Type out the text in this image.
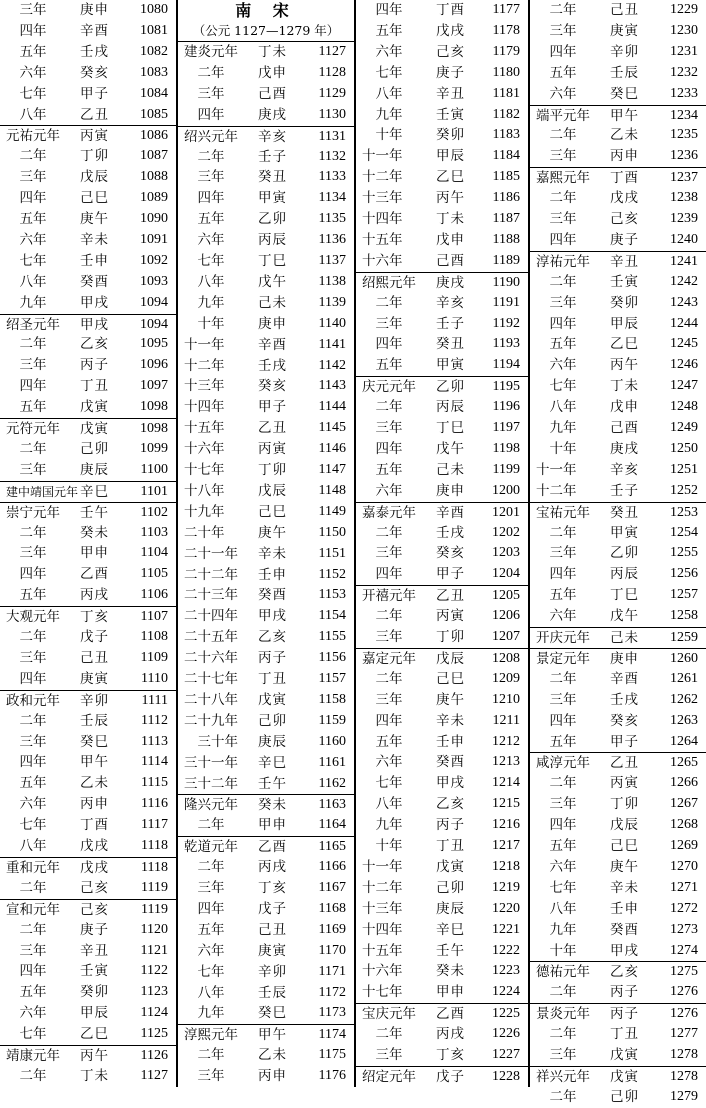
　三年 庚申 1080
　四年 辛酉 1081
　五年 壬戌 1082
　六年 癸亥 1083
　七年 甲子 1084
　八年 乙丑 1085
元祐元年 丙寅 1086
　二年 丁卯 1087
　三年 戊辰 1088
　四年 己巳 1089
　五年 庚午 1090
　六年 辛未 1091
　七年 壬申 1092
　八年 癸酉 1093
　九年 甲戌 1094
绍圣元年 甲戌 1094
　二年 乙亥 1095
　三年 丙子 1096
　四年 丁丑 1097
　五年 戊寅 1098
元符元年 戊寅 1098
　二年 己卯 1099
　三年 庚辰 1100
建中靖国元年 辛巳 1101
崇宁元年 壬午 1102
　二年 癸未 1103
　三年 甲申 1104
　四年 乙酉 1105
　五年 丙戌 1106
大观元年 丁亥 1107
　二年 戊子 1108
　三年 己丑 1109
　四年 庚寅 1110
政和元年 辛卯 1111
　二年 壬辰 1112
　三年 癸巳 1113
　四年 甲午 1114
　五年 乙未 1115
　六年 丙申 1116
　七年 丁酉 1117
　八年 戊戌 1118
重和元年 戊戌 1118
　二年 己亥 1119
宣和元年 己亥 1119
　二年 庚子 1120
　三年 辛丑 1121
　四年 壬寅 1122
　五年 癸卯 1123
　六年 甲辰 1124
　七年 乙巳 1125
靖康元年 丙午 1126
　二年 丁未 1127
南 宋
（公元 1127—1279 年）
建炎元年 丁未 1127
　二年 戊申 1128
　三年 己酉 1129
　四年 庚戌 1130
绍兴元年 辛亥 1131
　二年 壬子 1132
　三年 癸丑 1133
　四年 甲寅 1134
　五年 乙卯 1135
　六年 丙辰 1136
　七年 丁巳 1137
　八年 戊午 1138
　九年 己未 1139
　十年 庚申 1140
十一年 辛酉 1141
十二年 壬戌 1142
十三年 癸亥 1143
十四年 甲子 1144
十五年 乙丑 1145
十六年 丙寅 1146
十七年 丁卯 1147
十八年 戊辰 1148
十九年 己巳 1149
二十年 庚午 1150
二十一年 辛未 1151
二十二年 壬申 1152
二十三年 癸酉 1153
二十四年 甲戌 1154
二十五年 乙亥 1155
二十六年 丙子 1156
二十七年 丁丑 1157
二十八年 戊寅 1158
二十九年 己卯 1159
　三十年 庚辰 1160
三十一年 辛巳 1161
三十二年 壬午 1162
隆兴元年 癸未 1163
　二年 甲申 1164
乾道元年 乙酉 1165
　二年 丙戌 1166
　三年 丁亥 1167
　四年 戊子 1168
　五年 己丑 1169
　六年 庚寅 1170
　七年 辛卯 1171
　八年 壬辰 1172
　九年 癸巳 1173
淳熙元年 甲午 1174
　二年 乙未 1175
　三年 丙申 1176
　四年 丁酉 1177
　五年 戊戌 1178
　六年 己亥 1179
　七年 庚子 1180
　八年 辛丑 1181
　九年 壬寅 1182
　十年 癸卯 1183
十一年 甲辰 1184
十二年 乙巳 1185
十三年 丙午 1186
十四年 丁未 1187
十五年 戊申 1188
十六年 己酉 1189
绍熙元年 庚戌 1190
　二年 辛亥 1191
　三年 壬子 1192
　四年 癸丑 1193
　五年 甲寅 1194
庆元元年 乙卯 1195
　二年 丙辰 1196
　三年 丁巳 1197
　四年 戊午 1198
　五年 己未 1199
　六年 庚申 1200
嘉泰元年 辛酉 1201
　二年 壬戌 1202
　三年 癸亥 1203
　四年 甲子 1204
开禧元年 乙丑 1205
　二年 丙寅 1206
　三年 丁卯 1207
嘉定元年 戊辰 1208
　二年 己巳 1209
　三年 庚午 1210
　四年 辛未 1211
　五年 壬申 1212
　六年 癸酉 1213
　七年 甲戌 1214
　八年 乙亥 1215
　九年 丙子 1216
　十年 丁丑 1217
十一年 戊寅 1218
十二年 己卯 1219
十三年 庚辰 1220
十四年 辛巳 1221
十五年 壬午 1222
十六年 癸未 1223
十七年 甲申 1224
宝庆元年 乙酉 1225
　二年 丙戌 1226
　三年 丁亥 1227
绍定元年 戊子 1228
　二年 己丑 1229
　三年 庚寅 1230
　四年 辛卯 1231
　五年 壬辰 1232
　六年 癸巳 1233
端平元年 甲午 1234
　二年 乙未 1235
　三年 丙申 1236
嘉熙元年 丁酉 1237
　二年 戊戌 1238
　三年 己亥 1239
　四年 庚子 1240
淳祐元年 辛丑 1241
　二年 壬寅 1242
　三年 癸卯 1243
　四年 甲辰 1244
　五年 乙巳 1245
　六年 丙午 1246
　七年 丁未 1247
　八年 戊申 1248
　九年 己酉 1249
　十年 庚戌 1250
十一年 辛亥 1251
十二年 壬子 1252
宝祐元年 癸丑 1253
　二年 甲寅 1254
　三年 乙卯 1255
　四年 丙辰 1256
　五年 丁巳 1257
　六年 戊午 1258
开庆元年 己未 1259
景定元年 庚申 1260
　二年 辛酉 1261
　三年 壬戌 1262
　四年 癸亥 1263
　五年 甲子 1264
咸淳元年 乙丑 1265
　二年 丙寅 1266
　三年 丁卯 1267
　四年 戊辰 1268
　五年 己巳 1269
　六年 庚午 1270
　七年 辛未 1271
　八年 壬申 1272
　九年 癸酉 1273
　十年 甲戌 1274
德祐元年 乙亥 1275
　二年 丙子 1276
景炎元年 丙子 1276
　二年 丁丑 1277
　三年 戊寅 1278
祥兴元年 戊寅 1278
　二年 己卯 1279
